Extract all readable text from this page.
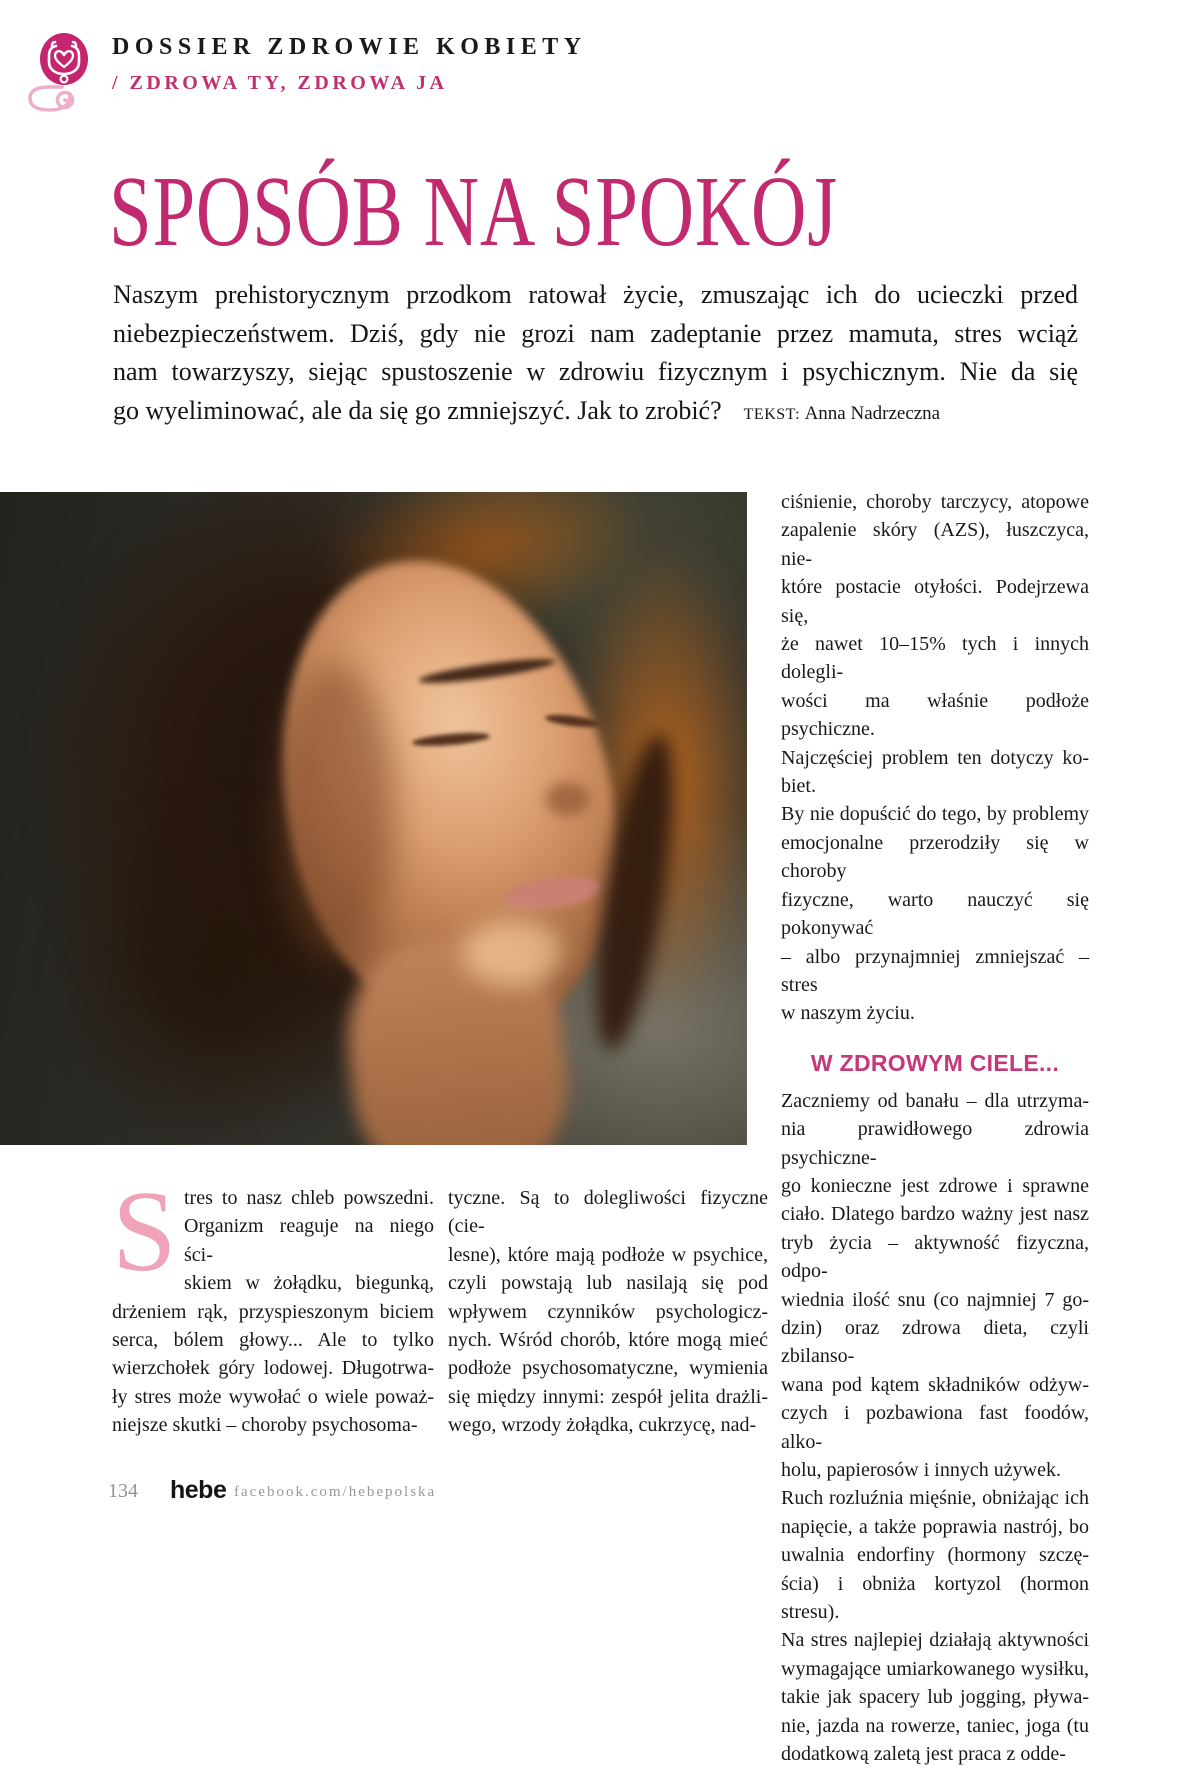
DOSSIER ZDROWIE KOBIETY
/ ZDROWA TY, ZDROWA JA
SPOSÓB NA SPOKÓJ
Naszym prehistorycznym przodkom ratował życie, zmuszając ich do ucieczki przed
niebezpieczeństwem. Dziś, gdy nie grozi nam zadeptanie przez mamuta, stres wciąż
nam towarzyszy, siejąc spustoszenie w zdrowiu fizycznym i psychicznym. Nie da się
go wyeliminować, ale da się go zmniejszyć. Jak to zrobić? TEKST: Anna Nadrzeczna
S tres to nasz chleb powszedni.
Organizm reaguje na niego ści-
skiem w żołądku, biegunką,
drżeniem rąk, przyspieszonym biciem
serca, bólem głowy... Ale to tylko
wierzchołek góry lodowej. Długotrwa-
ły stres może wywołać o wiele poważ-
niejsze skutki – choroby psychosoma-
tyczne. Są to dolegliwości fizyczne (cie-
lesne), które mają podłoże w psychice,
czyli powstają lub nasilają się pod
wpływem czynników psychologicz-
nych. Wśród chorób, które mogą mieć
podłoże psychosomatyczne, wymienia
się między innymi: zespół jelita drażli-
wego, wrzody żołądka, cukrzycę, nad-
ciśnienie, choroby tarczycy, atopowe
zapalenie skóry (AZS), łuszczyca, nie-
które postacie otyłości. Podejrzewa się,
że nawet 10–15% tych i innych dolegli-
wości ma właśnie podłoże psychiczne.
Najczęściej problem ten dotyczy ko-
biet.
By nie dopuścić do tego, by problemy
emocjonalne przerodziły się w choroby
fizyczne, warto nauczyć się pokonywać
– albo przynajmniej zmniejszać – stres
w naszym życiu.
W ZDROWYM CIELE...
Zaczniemy od banału – dla utrzyma-
nia prawidłowego zdrowia psychiczne-
go konieczne jest zdrowe i sprawne
ciało. Dlatego bardzo ważny jest nasz
tryb życia – aktywność fizyczna, odpo-
wiednia ilość snu (co najmniej 7 go-
dzin) oraz zdrowa dieta, czyli zbilanso-
wana pod kątem składników odżyw-
czych i pozbawiona fast foodów, alko-
holu, papierosów i innych używek.
Ruch rozluźnia mięśnie, obniżając ich
napięcie, a także poprawia nastrój, bo
uwalnia endorfiny (hormony szczę-
ścia) i obniża kortyzol (hormon stresu).
Na stres najlepiej działają aktywności
wymagające umiarkowanego wysiłku,
takie jak spacery lub jogging, pływa-
nie, jazda na rowerze, taniec, joga (tu
dodatkową zaletą jest praca z odde-
134 hebe facebook.com/hebepolska
